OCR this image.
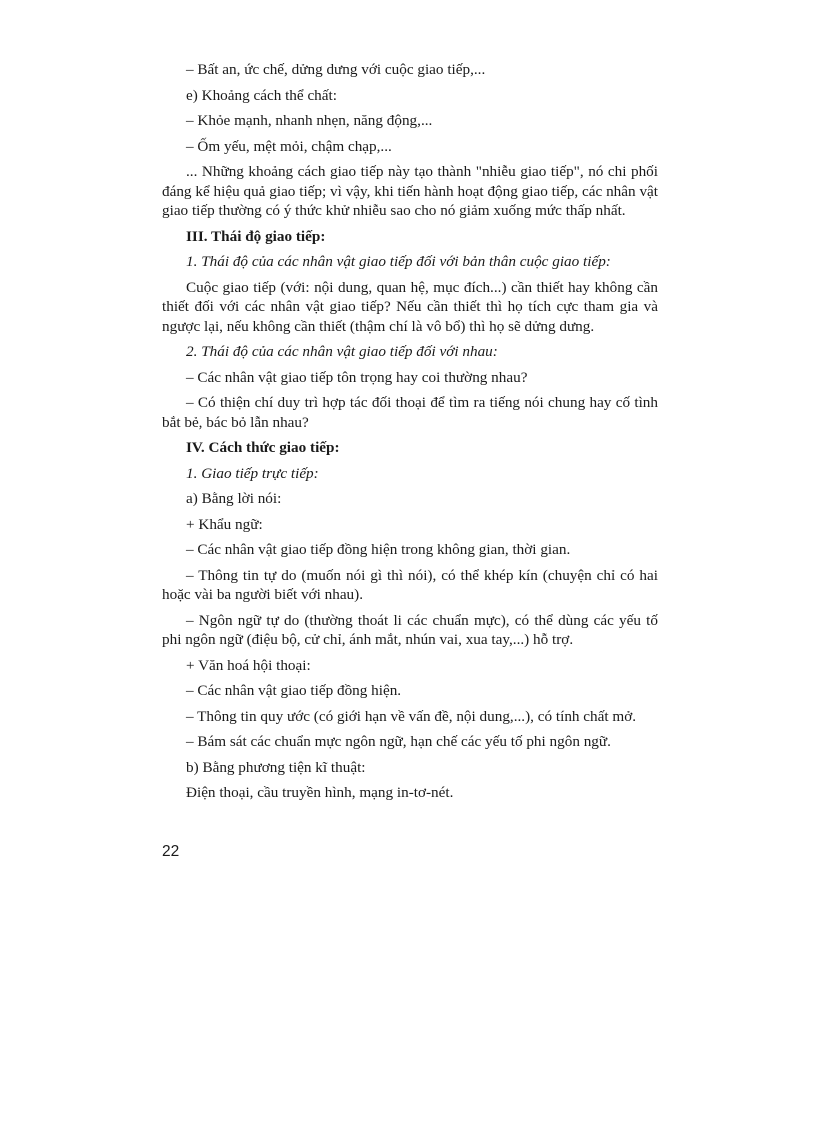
– Bất an, ức chế, dửng dưng với cuộc giao tiếp,...

e) Khoảng cách thể chất:

– Khỏe mạnh, nhanh nhẹn, năng động,...

– Ốm yếu, mệt mỏi, chậm chạp,...

... Những khoảng cách giao tiếp này tạo thành "nhiễu giao tiếp", nó chi phối đáng kể hiệu quả giao tiếp; vì vậy, khi tiến hành hoạt động giao tiếp, các nhân vật giao tiếp thường có ý thức khử nhiễu sao cho nó giảm xuống mức thấp nhất.

III. Thái độ giao tiếp:

1. Thái độ của các nhân vật giao tiếp đối với bản thân cuộc giao tiếp:

Cuộc giao tiếp (với: nội dung, quan hệ, mục đích...) cần thiết hay không cần thiết đối với các nhân vật giao tiếp? Nếu cần thiết thì họ tích cực tham gia và ngược lại, nếu không cần thiết (thậm chí là vô bổ) thì họ sẽ dửng dưng.

2. Thái độ của các nhân vật giao tiếp đối với nhau:

– Các nhân vật giao tiếp tôn trọng hay coi thường nhau?

– Có thiện chí duy trì hợp tác đối thoại để tìm ra tiếng nói chung hay cố tình bắt bẻ, bác bỏ lẫn nhau?

IV. Cách thức giao tiếp:

1. Giao tiếp trực tiếp:

a) Bằng lời nói:

+ Khẩu ngữ:

– Các nhân vật giao tiếp đồng hiện trong không gian, thời gian.

– Thông tin tự do (muốn nói gì thì nói), có thể khép kín (chuyện chỉ có hai hoặc vài ba người biết với nhau).

– Ngôn ngữ tự do (thường thoát li các chuẩn mực), có thể dùng các yếu tố phi ngôn ngữ (điệu bộ, cử chỉ, ánh mắt, nhún vai, xua tay,...) hỗ trợ.

+ Văn hoá hội thoại:

– Các nhân vật giao tiếp đồng hiện.

– Thông tin quy ước (có giới hạn về vấn đề, nội dung,...), có tính chất mở.

– Bám sát các chuẩn mực ngôn ngữ, hạn chế các yếu tố phi ngôn ngữ.

b) Bằng phương tiện kĩ thuật:

Điện thoại, cầu truyền hình, mạng in-tơ-nét.

22
